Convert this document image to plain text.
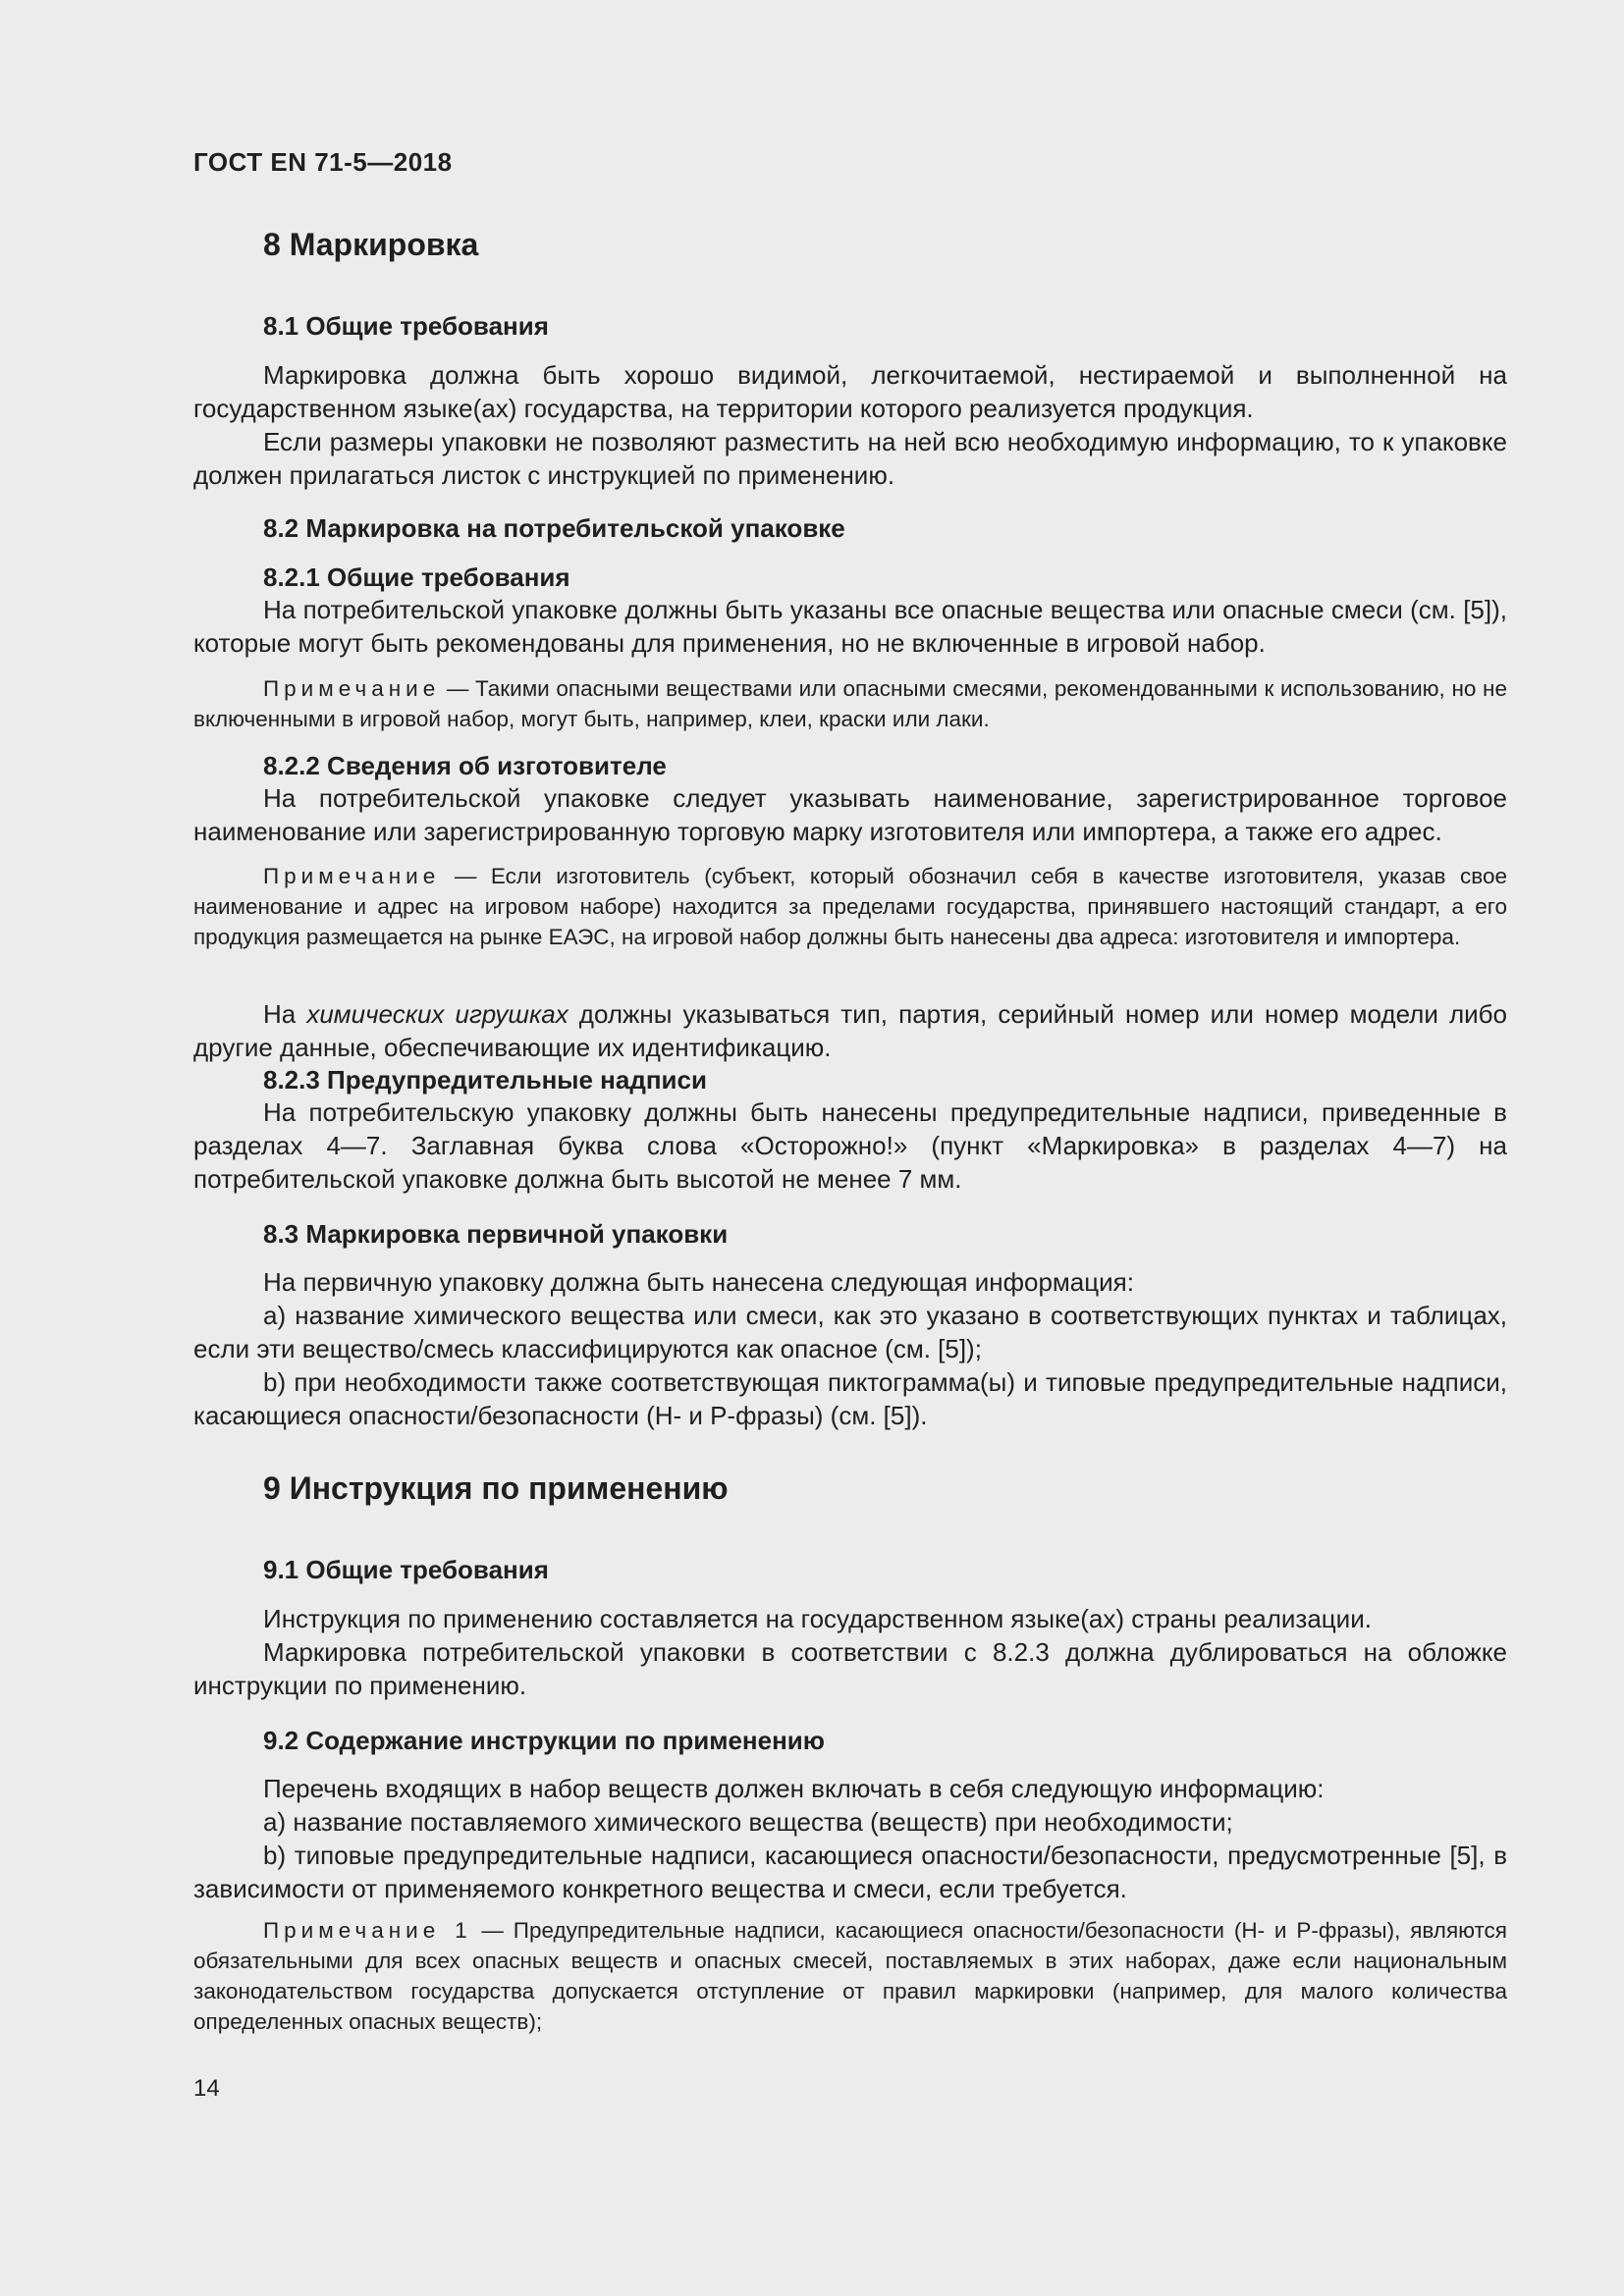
ГОСТ EN 71-5—2018
8 Маркировка
8.1 Общие требования

Маркировка должна быть хорошо видимой, легкочитаемой, нестираемой и выполненной на государственном языке(ах) государства, на территории которого реализуется продукция.

Если размеры упаковки не позволяют разместить на ней всю необходимую информацию, то к упаковке должен прилагаться листок с инструкцией по применению.

8.2 Маркировка на потребительской упаковке
8.2.1 Общие требования

На потребительской упаковке должны быть указаны все опасные вещества или опасные смеси (см. [5]), которые могут быть рекомендованы для применения, но не включенные в игровой набор.

Примечание — Такими опасными веществами или опасными смесями, рекомендованными к использованию, но не включенными в игровой набор, могут быть, например, клеи, краски или лаки.

8.2.2 Сведения об изготовителе

На потребительской упаковке следует указывать наименование, зарегистрированное торговое наименование или зарегистрированную торговую марку изготовителя или импортера, а также его адрес.

Примечание — Если изготовитель (субъект, который обозначил себя в качестве изготовителя, указав свое наименование и адрес на игровом наборе) находится за пределами государства, принявшего настоящий стандарт, а его продукция размещается на рынке ЕАЭС, на игровой набор должны быть нанесены два адреса: изготовителя и импортера.

На химических игрушках должны указываться тип, партия, серийный номер или номер модели либо другие данные, обеспечивающие их идентификацию.

8.2.3 Предупредительные надписи

На потребительскую упаковку должны быть нанесены предупредительные надписи, приведенные в разделах 4—7. Заглавная буква слова «Осторожно!» (пункт «Маркировка» в разделах 4—7) на потребительской упаковке должна быть высотой не менее 7 мм.

8.3 Маркировка первичной упаковки

На первичную упаковку должна быть нанесена следующая информация:

a) название химического вещества или смеси, как это указано в соответствующих пунктах и таблицах, если эти вещество/смесь классифицируются как опасное (см. [5]);

b) при необходимости также соответствующая пиктограмма(ы) и типовые предупредительные надписи, касающиеся опасности/безопасности (Н- и Р-фразы) (см. [5]).

9 Инструкция по применению
9.1 Общие требования

Инструкция по применению составляется на государственном языке(ах) страны реализации.

Маркировка потребительской упаковки в соответствии с 8.2.3 должна дублироваться на обложке инструкции по применению.

9.2 Содержание инструкции по применению

Перечень входящих в набор веществ должен включать в себя следующую информацию:

a) название поставляемого химического вещества (веществ) при необходимости;

b) типовые предупредительные надписи, касающиеся опасности/безопасности, предусмотренные [5], в зависимости от применяемого конкретного вещества и смеси, если требуется.

Примечание 1 — Предупредительные надписи, касающиеся опасности/безопасности (Н- и Р-фразы), являются обязательными для всех опасных веществ и опасных смесей, поставляемых в этих наборах, даже если национальным законодательством государства допускается отступление от правил маркировки (например, для малого количества определенных опасных веществ);

14
